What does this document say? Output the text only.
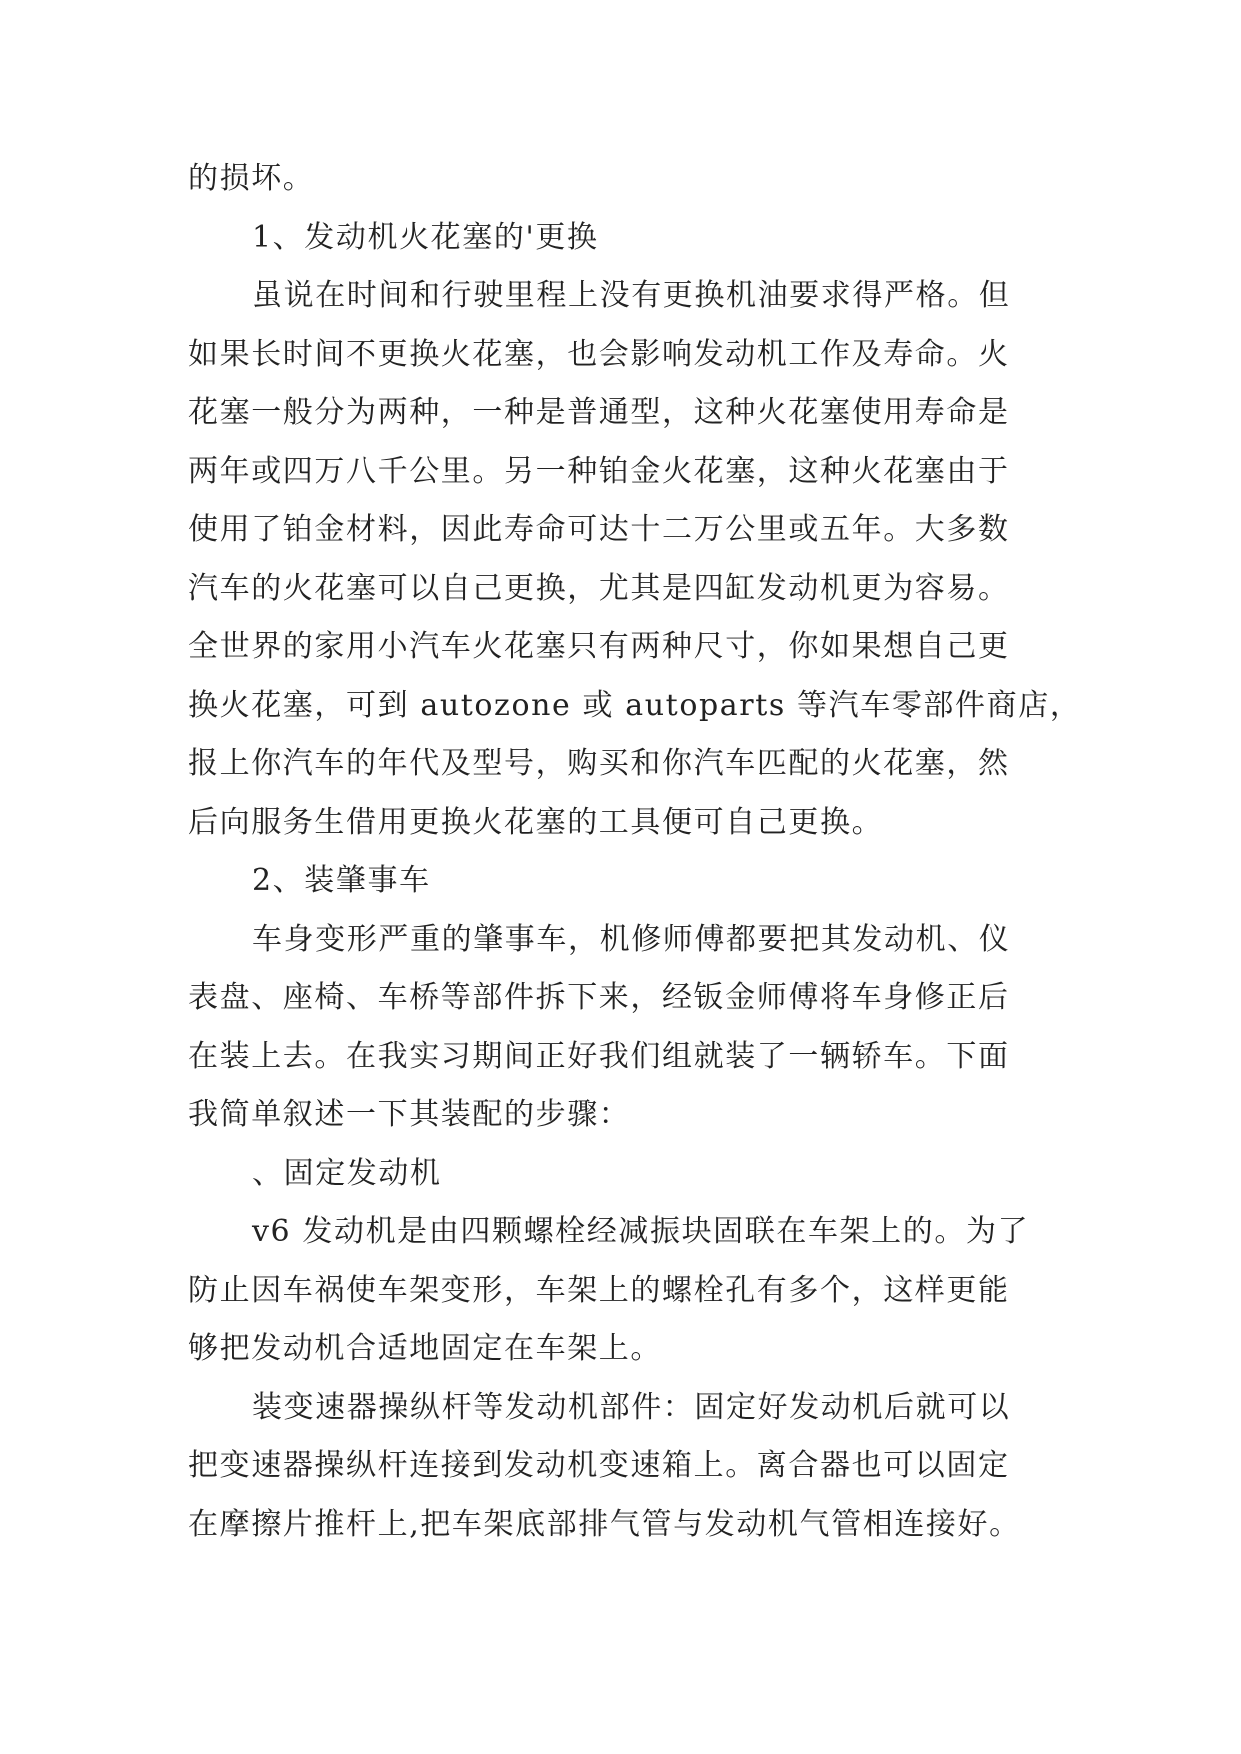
的损坏。
1、发动机火花塞的'更换
虽说在时间和行驶里程上没有更换机油要求得严格。但
如果长时间不更换火花塞，也会影响发动机工作及寿命。火
花塞一般分为两种，一种是普通型，这种火花塞使用寿命是
两年或四万八千公里。另一种铂金火花塞，这种火花塞由于
使用了铂金材料，因此寿命可达十二万公里或五年。大多数
汽车的火花塞可以自己更换，尤其是四缸发动机更为容易。
全世界的家用小汽车火花塞只有两种尺寸，你如果想自己更
换火花塞，可到 autozone 或 autoparts 等汽车零部件商店，
报上你汽车的年代及型号，购买和你汽车匹配的火花塞，然
后向服务生借用更换火花塞的工具便可自己更换。
2、装肇事车
车身变形严重的肇事车，机修师傅都要把其发动机、仪
表盘、座椅、车桥等部件拆下来，经钣金师傅将车身修正后
在装上去。在我实习期间正好我们组就装了一辆轿车。下面
我简单叙述一下其装配的步骤：
、固定发动机
v6 发动机是由四颗螺栓经减振块固联在车架上的。为了
防止因车祸使车架变形，车架上的螺栓孔有多个，这样更能
够把发动机合适地固定在车架上。
装变速器操纵杆等发动机部件：固定好发动机后就可以
把变速器操纵杆连接到发动机变速箱上。离合器也可以固定
在摩擦片推杆上,把车架底部排气管与发动机气管相连接好。
